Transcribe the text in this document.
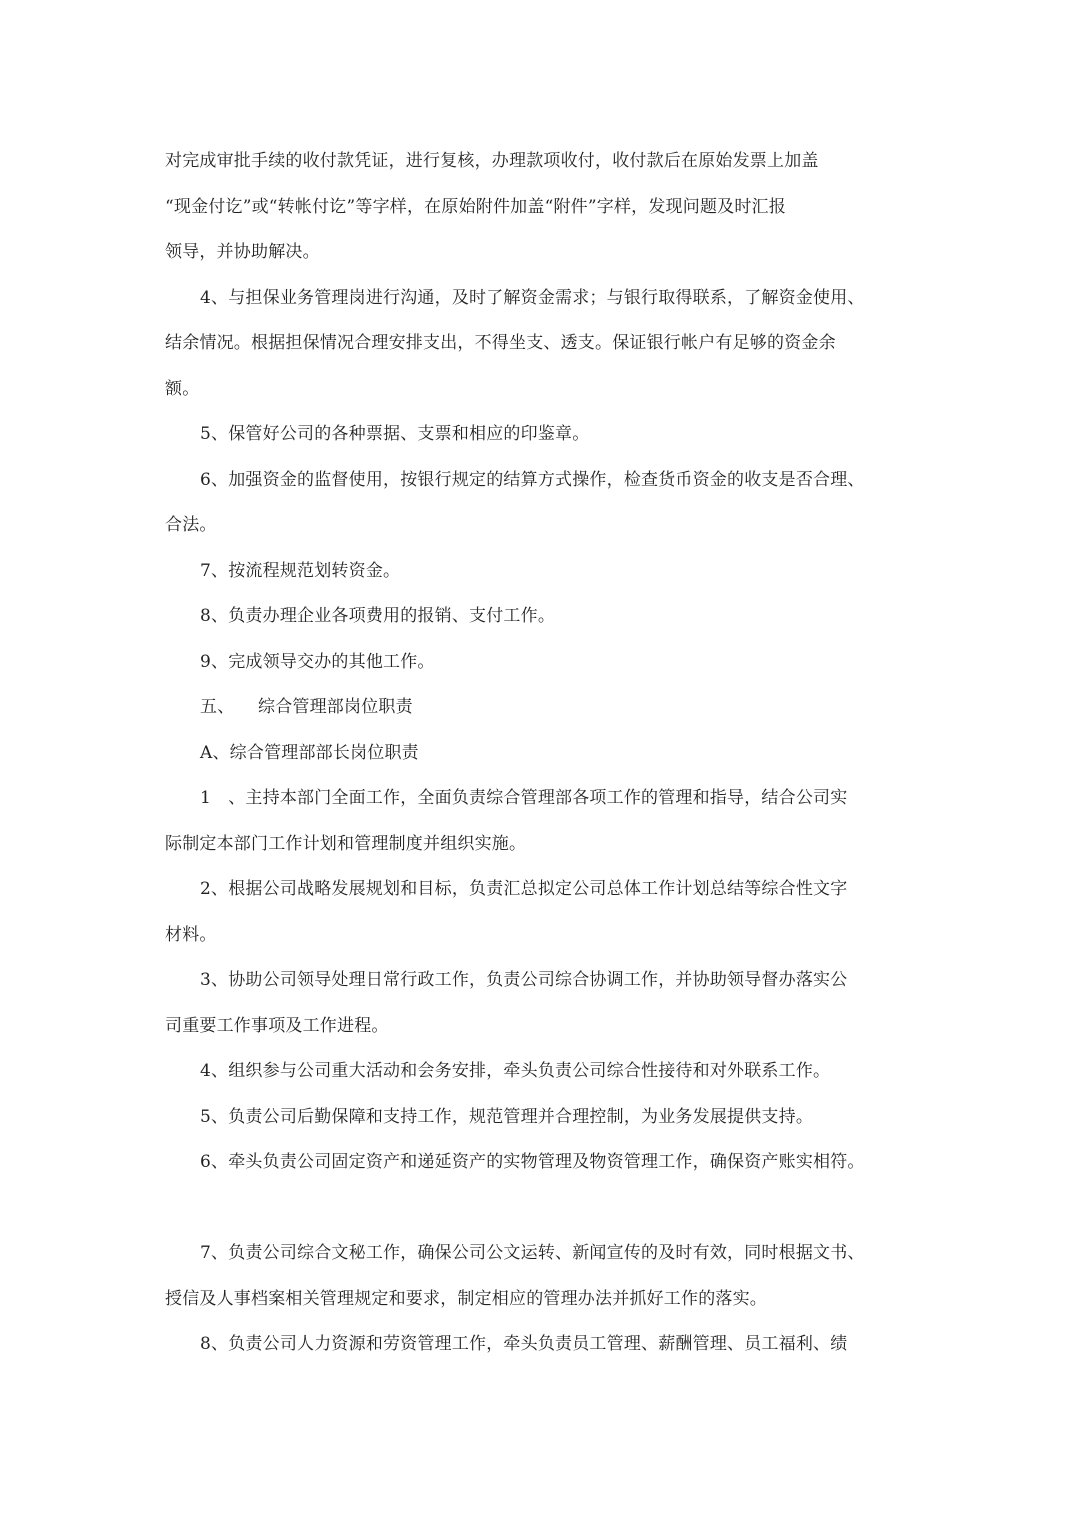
对完成审批手续的收付款凭证，进行复核，办理款项收付，收付款后在原始发票上加盖
“现金付讫”或“转帐付讫”等字样，在原始附件加盖“附件”字样，发现问题及时汇报
领导，并协助解决。
4、与担保业务管理岗进行沟通，及时了解资金需求；与银行取得联系，了解资金使用、
结余情况。根据担保情况合理安排支出，不得坐支、透支。保证银行帐户有足够的资金余
额。
5、保管好公司的各种票据、支票和相应的印鉴章。
6、加强资金的监督使用，按银行规定的结算方式操作，检查货币资金的收支是否合理、
合法。
7、按流程规范划转资金。
8、负责办理企业各项费用的报销、支付工作。
9、完成领导交办的其他工作。
五、 综合管理部岗位职责
A、综合管理部部长岗位职责
1　、主持本部门全面工作，全面负责综合管理部各项工作的管理和指导，结合公司实
际制定本部门工作计划和管理制度并组织实施。
2、根据公司战略发展规划和目标，负责汇总拟定公司总体工作计划总结等综合性文字
材料。
3、协助公司领导处理日常行政工作，负责公司综合协调工作，并协助领导督办落实公
司重要工作事项及工作进程。
4、组织参与公司重大活动和会务安排，牵头负责公司综合性接待和对外联系工作。
5、负责公司后勤保障和支持工作，规范管理并合理控制，为业务发展提供支持。
6、牵头负责公司固定资产和递延资产的实物管理及物资管理工作，确保资产账实相符。
7、负责公司综合文秘工作，确保公司公文运转、新闻宣传的及时有效，同时根据文书、
授信及人事档案相关管理规定和要求，制定相应的管理办法并抓好工作的落实。
8、负责公司人力资源和劳资管理工作，牵头负责员工管理、薪酬管理、员工福利、绩
